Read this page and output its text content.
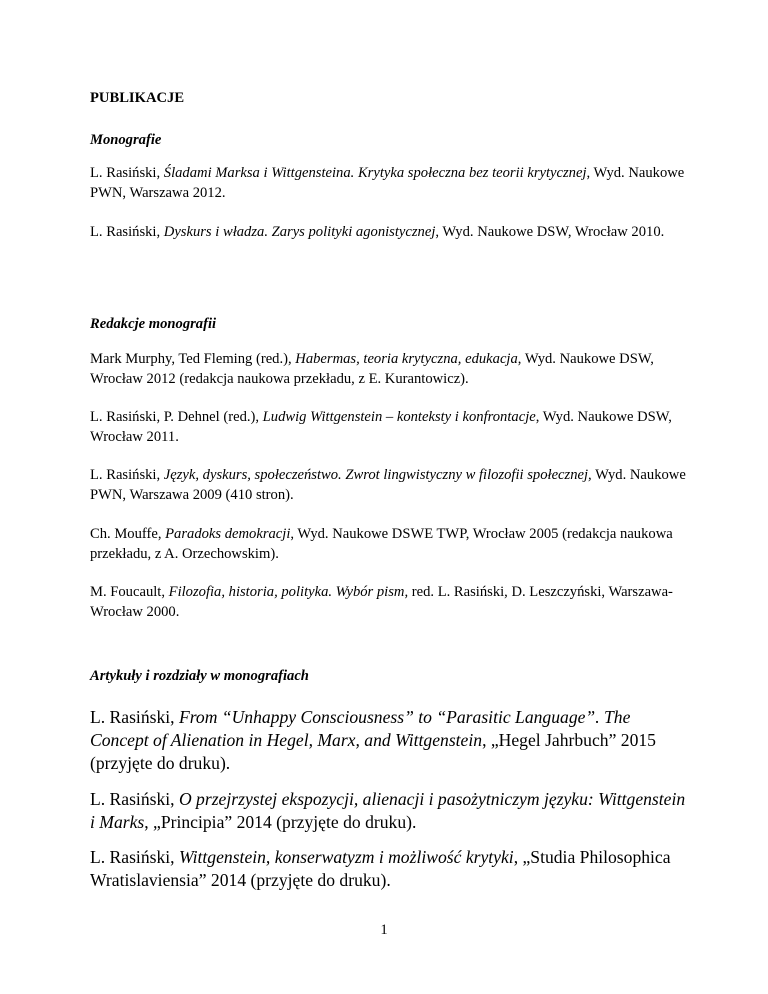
PUBLIKACJE

Monografie

L. Rasiński, Śladami Marksa i Wittgensteina. Krytyka społeczna bez teorii krytycznej, Wyd. Naukowe PWN, Warszawa 2012.

L. Rasiński, Dyskurs i władza. Zarys polityki agonistycznej, Wyd. Naukowe DSW, Wrocław 2010.

Redakcje monografii

Mark Murphy, Ted Fleming (red.), Habermas, teoria krytyczna, edukacja, Wyd. Naukowe DSW, Wrocław 2012 (redakcja naukowa przekładu, z E. Kurantowicz).

L. Rasiński, P. Dehnel (red.), Ludwig Wittgenstein – konteksty i konfrontacje, Wyd. Naukowe DSW, Wrocław 2011.

L. Rasiński, Język, dyskurs, społeczeństwo. Zwrot lingwistyczny w filozofii społecznej, Wyd. Naukowe PWN, Warszawa 2009 (410 stron).

Ch. Mouffe, Paradoks demokracji, Wyd. Naukowe DSWE TWP, Wrocław 2005 (redakcja naukowa przekładu, z A. Orzechowskim).

M. Foucault, Filozofia, historia, polityka. Wybór pism, red. L. Rasiński, D. Leszczyński, Warszawa-Wrocław 2000.

Artykuły i rozdziały w monografiach

L. Rasiński, From “Unhappy Consciousness” to “Parasitic Language”. The Concept of Alienation in Hegel, Marx, and Wittgenstein, „Hegel Jahrbuch” 2015 (przyjęte do druku).

L. Rasiński, O przejrzystej ekspozycji, alienacji i pasożytniczym języku: Wittgenstein i Marks, „Principia” 2014 (przyjęte do druku).

L. Rasiński, Wittgenstein, konserwatyzm i możliwość krytyki, „Studia Philosophica Wratislaviensia” 2014 (przyjęte do druku).

1
